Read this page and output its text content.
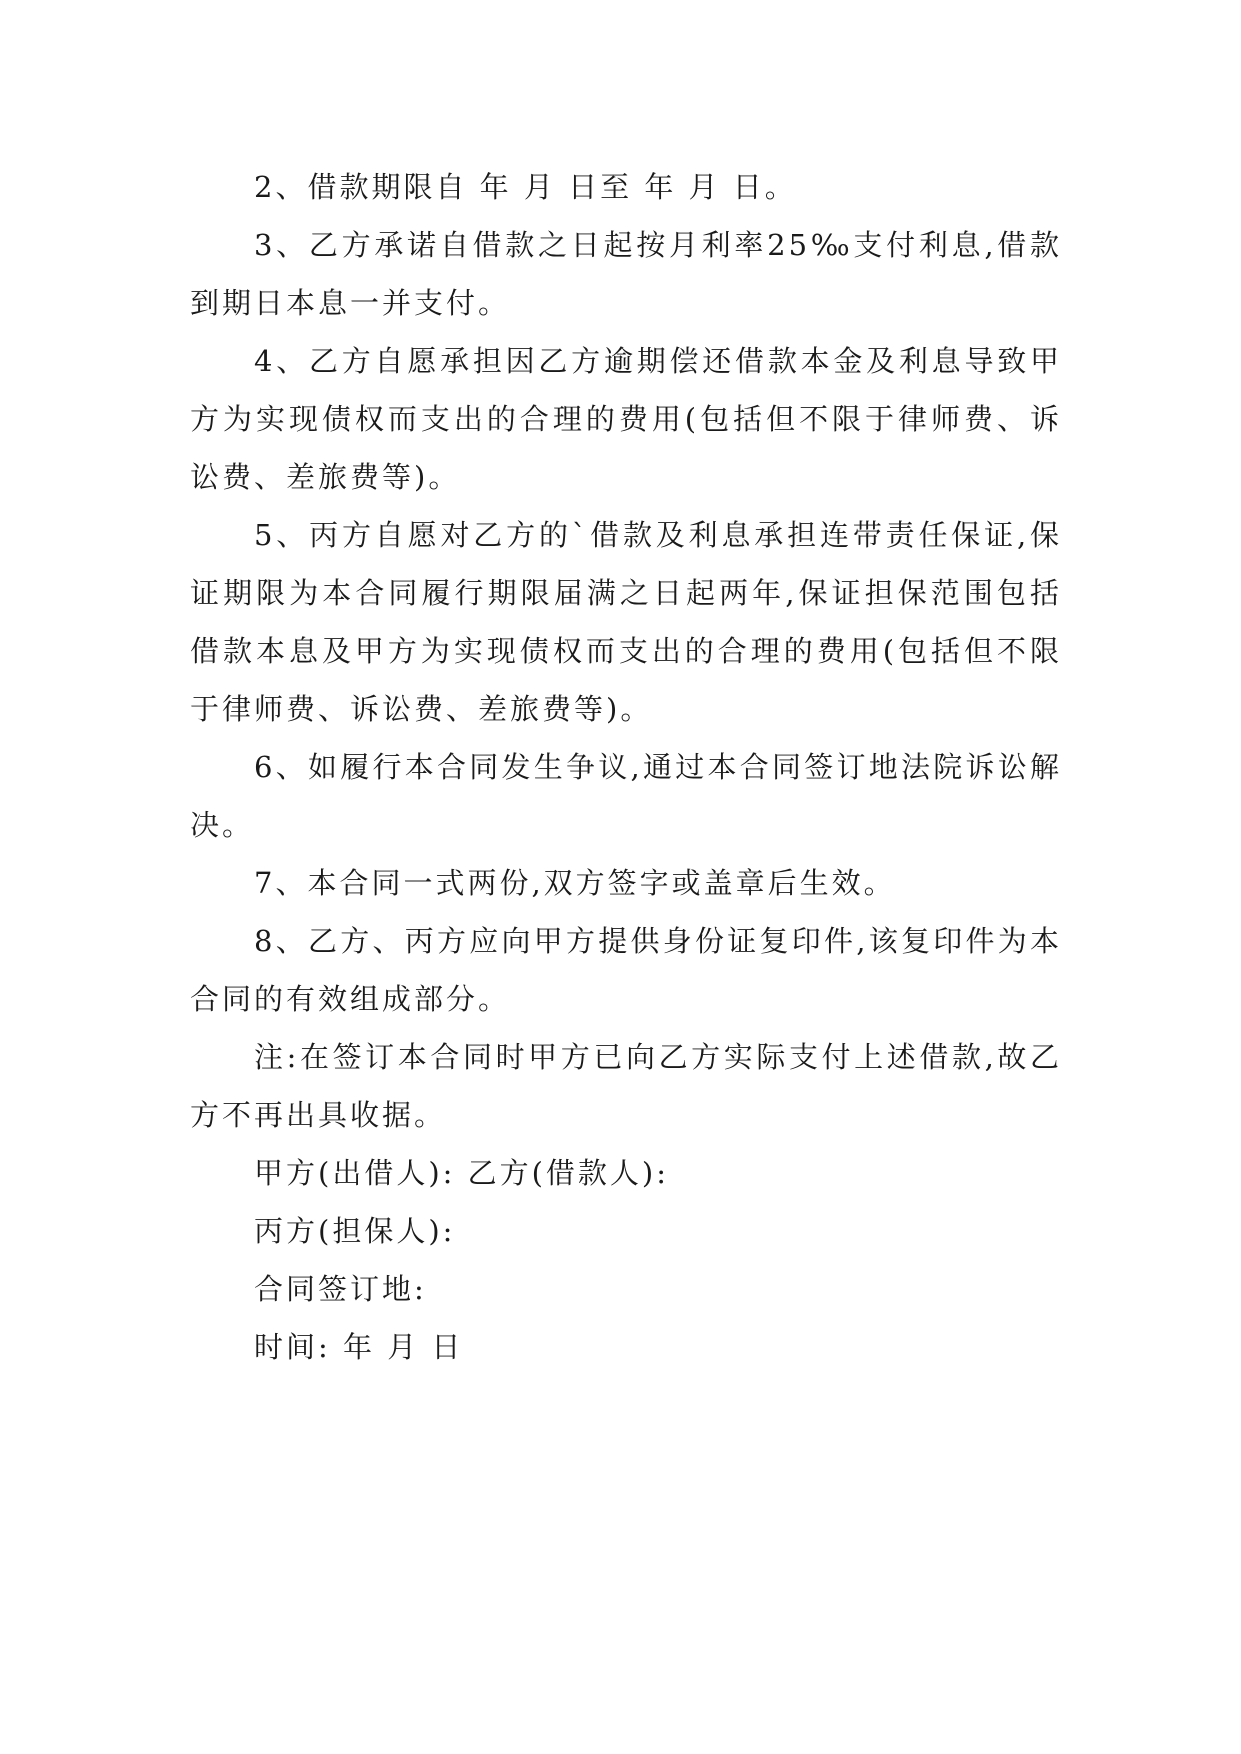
2、借款期限自 年 月 日至 年 月 日。

3、乙方承诺自借款之日起按月利率25‰支付利息,借款到期日本息一并支付。

4、乙方自愿承担因乙方逾期偿还借款本金及利息导致甲方为实现债权而支出的合理的费用(包括但不限于律师费、诉讼费、差旅费等)。

5、丙方自愿对乙方的`借款及利息承担连带责任保证,保证期限为本合同履行期限届满之日起两年,保证担保范围包括借款本息及甲方为实现债权而支出的合理的费用(包括但不限于律师费、诉讼费、差旅费等)。

6、如履行本合同发生争议,通过本合同签订地法院诉讼解决。

7、本合同一式两份,双方签字或盖章后生效。

8、乙方、丙方应向甲方提供身份证复印件,该复印件为本合同的有效组成部分。

注:在签订本合同时甲方已向乙方实际支付上述借款,故乙方不再出具收据。

甲方(出借人): 乙方(借款人):

丙方(担保人):

合同签订地:

时间: 年 月 日
